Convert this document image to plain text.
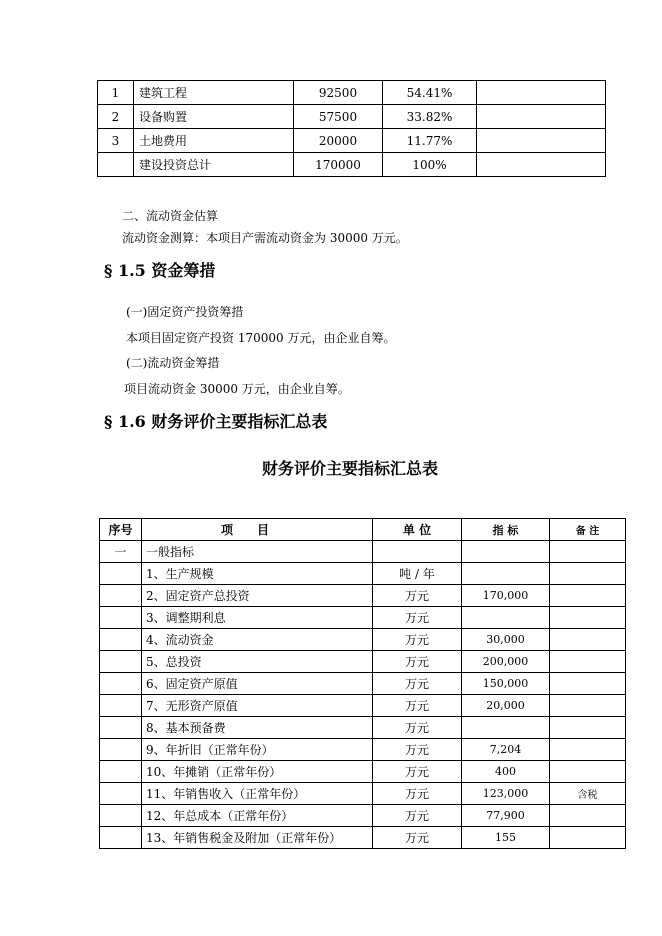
1	建筑工程	92500	54.41%	
2	设备购置	57500	33.82%	
3	土地费用	20000	11.77%	
	建设投资总计	170000	100%	
二、流动资金估算
流动资金测算：本项目产需流动资金为 30000 万元。
§ 1.5 资金筹措
(一)固定资产投资筹措
本项目固定资产投资 170000 万元，由企业自筹。
(二)流动资金筹措
项目流动资金 30000 万元，由企业自筹。
§ 1.6 财务评价主要指标汇总表
财务评价主要指标汇总表
序号	项目	单 位	指 标	备 注
一	一般指标			
	1、生产规模	吨 / 年		
	2、固定资产总投资	万元	170,000	
	3、调整期利息	万元		
	4、流动资金	万元	30,000	
	5、总投资	万元	200,000	
	6、固定资产原值	万元	150,000	
	7、无形资产原值	万元	20,000	
	8、基本预备费	万元		
	9、年折旧（正常年份）	万元	7,204	
	10、年摊销（正常年份）	万元	400	
	11、年销售收入（正常年份）	万元	123,000	含税
	12、年总成本（正常年份）	万元	77,900	
	13、年销售税金及附加（正常年份）	万元	155	
